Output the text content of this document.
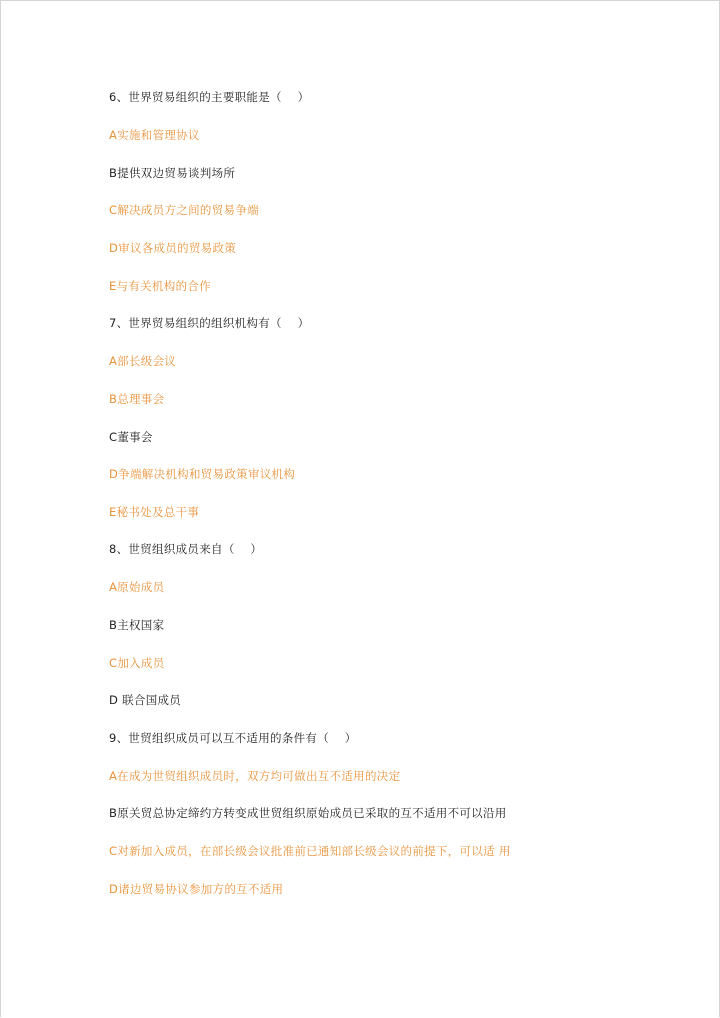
6、世界贸易组织的主要职能是（　 ）
A实施和管理协议
B提供双边贸易谈判场所
C解决成员方之间的贸易争端
D审议各成员的贸易政策
E与有关机构的合作
7、世界贸易组织的组织机构有（　 ）
A部长级会议
B总理事会
C董事会
D争端解决机构和贸易政策审议机构
E秘书处及总干事
8、世贸组织成员来自（　 ）
A原始成员
B主权国家
C加入成员
D 联合国成员
9、世贸组织成员可以互不适用的条件有（　 ）
A在成为世贸组织成员时，双方均可做出互不适用的决定
B原关贸总协定缔约方转变成世贸组织原始成员已采取的互不适用不可以沿用
C对新加入成员，在部长级会议批准前已通知部长级会议的前提下，可以适 用
D诸边贸易协议参加方的互不适用
